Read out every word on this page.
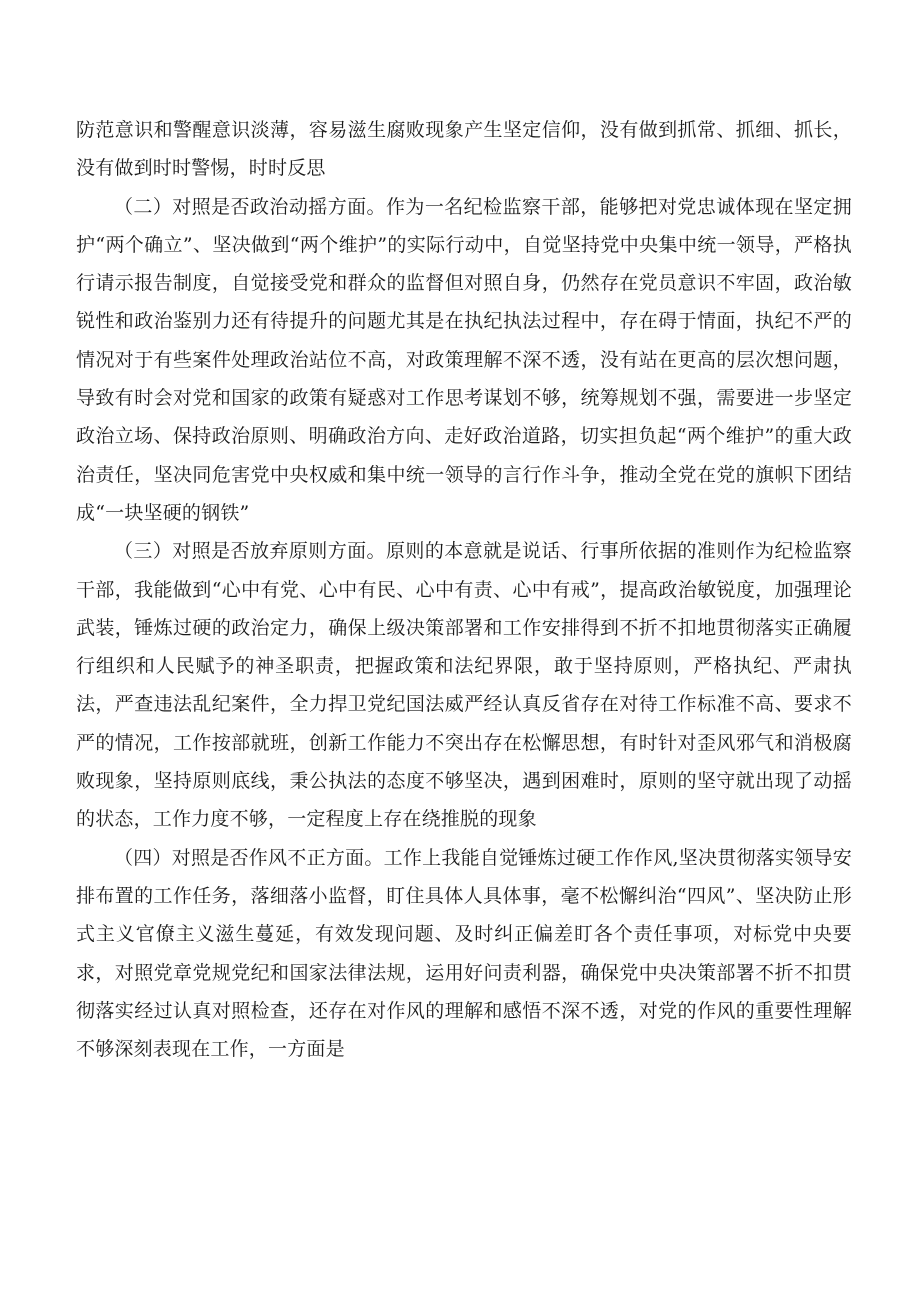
防范意识和警醒意识淡薄，容易滋生腐败现象产生坚定信仰，没有做到抓常、抓细、抓长，没有做到时时警惕，时时反思

（二）对照是否政治动摇方面。作为一名纪检监察干部，能够把对党忠诚体现在坚定拥护“两个确立”、坚决做到“两个维护”的实际行动中，自觉坚持党中央集中统一领导，严格执行请示报告制度，自觉接受党和群众的监督但对照自身，仍然存在党员意识不牢固，政治敏锐性和政治鉴别力还有待提升的问题尤其是在执纪执法过程中，存在碍于情面，执纪不严的情况对于有些案件处理政治站位不高，对政策理解不深不透，没有站在更高的层次想问题，导致有时会对党和国家的政策有疑惑对工作思考谋划不够，统筹规划不强，需要进一步坚定政治立场、保持政治原则、明确政治方向、走好政治道路，切实担负起“两个维护”的重大政治责任，坚决同危害党中央权威和集中统一领导的言行作斗争，推动全党在党的旗帜下团结成“一块坚硬的钢铁”

（三）对照是否放弃原则方面。原则的本意就是说话、行事所依据的准则作为纪检监察干部，我能做到“心中有党、心中有民、心中有责、心中有戒”，提高政治敏锐度，加强理论武装，锤炼过硬的政治定力，确保上级决策部署和工作安排得到不折不扣地贯彻落实正确履行组织和人民赋予的神圣职责，把握政策和法纪界限，敢于坚持原则，严格执纪、严肃执法，严查违法乱纪案件，全力捍卫党纪国法威严经认真反省存在对待工作标准不高、要求不严的情况，工作按部就班，创新工作能力不突出存在松懈思想，有时针对歪风邪气和消极腐败现象，坚持原则底线，秉公执法的态度不够坚决，遇到困难时，原则的坚守就出现了动摇的状态，工作力度不够，一定程度上存在绕推脱的现象

（四）对照是否作风不正方面。工作上我能自觉锤炼过硬工作作风,坚决贯彻落实领导安排布置的工作任务，落细落小监督，盯住具体人具体事，毫不松懈纠治“四风”、坚决防止形式主义官僚主义滋生蔓延，有效发现问题、及时纠正偏差盯各个责任事项，对标党中央要求，对照党章党规党纪和国家法律法规，运用好问责利器，确保党中央决策部署不折不扣贯彻落实经过认真对照检查，还存在对作风的理解和感悟不深不透，对党的作风的重要性理解不够深刻表现在工作，一方面是
